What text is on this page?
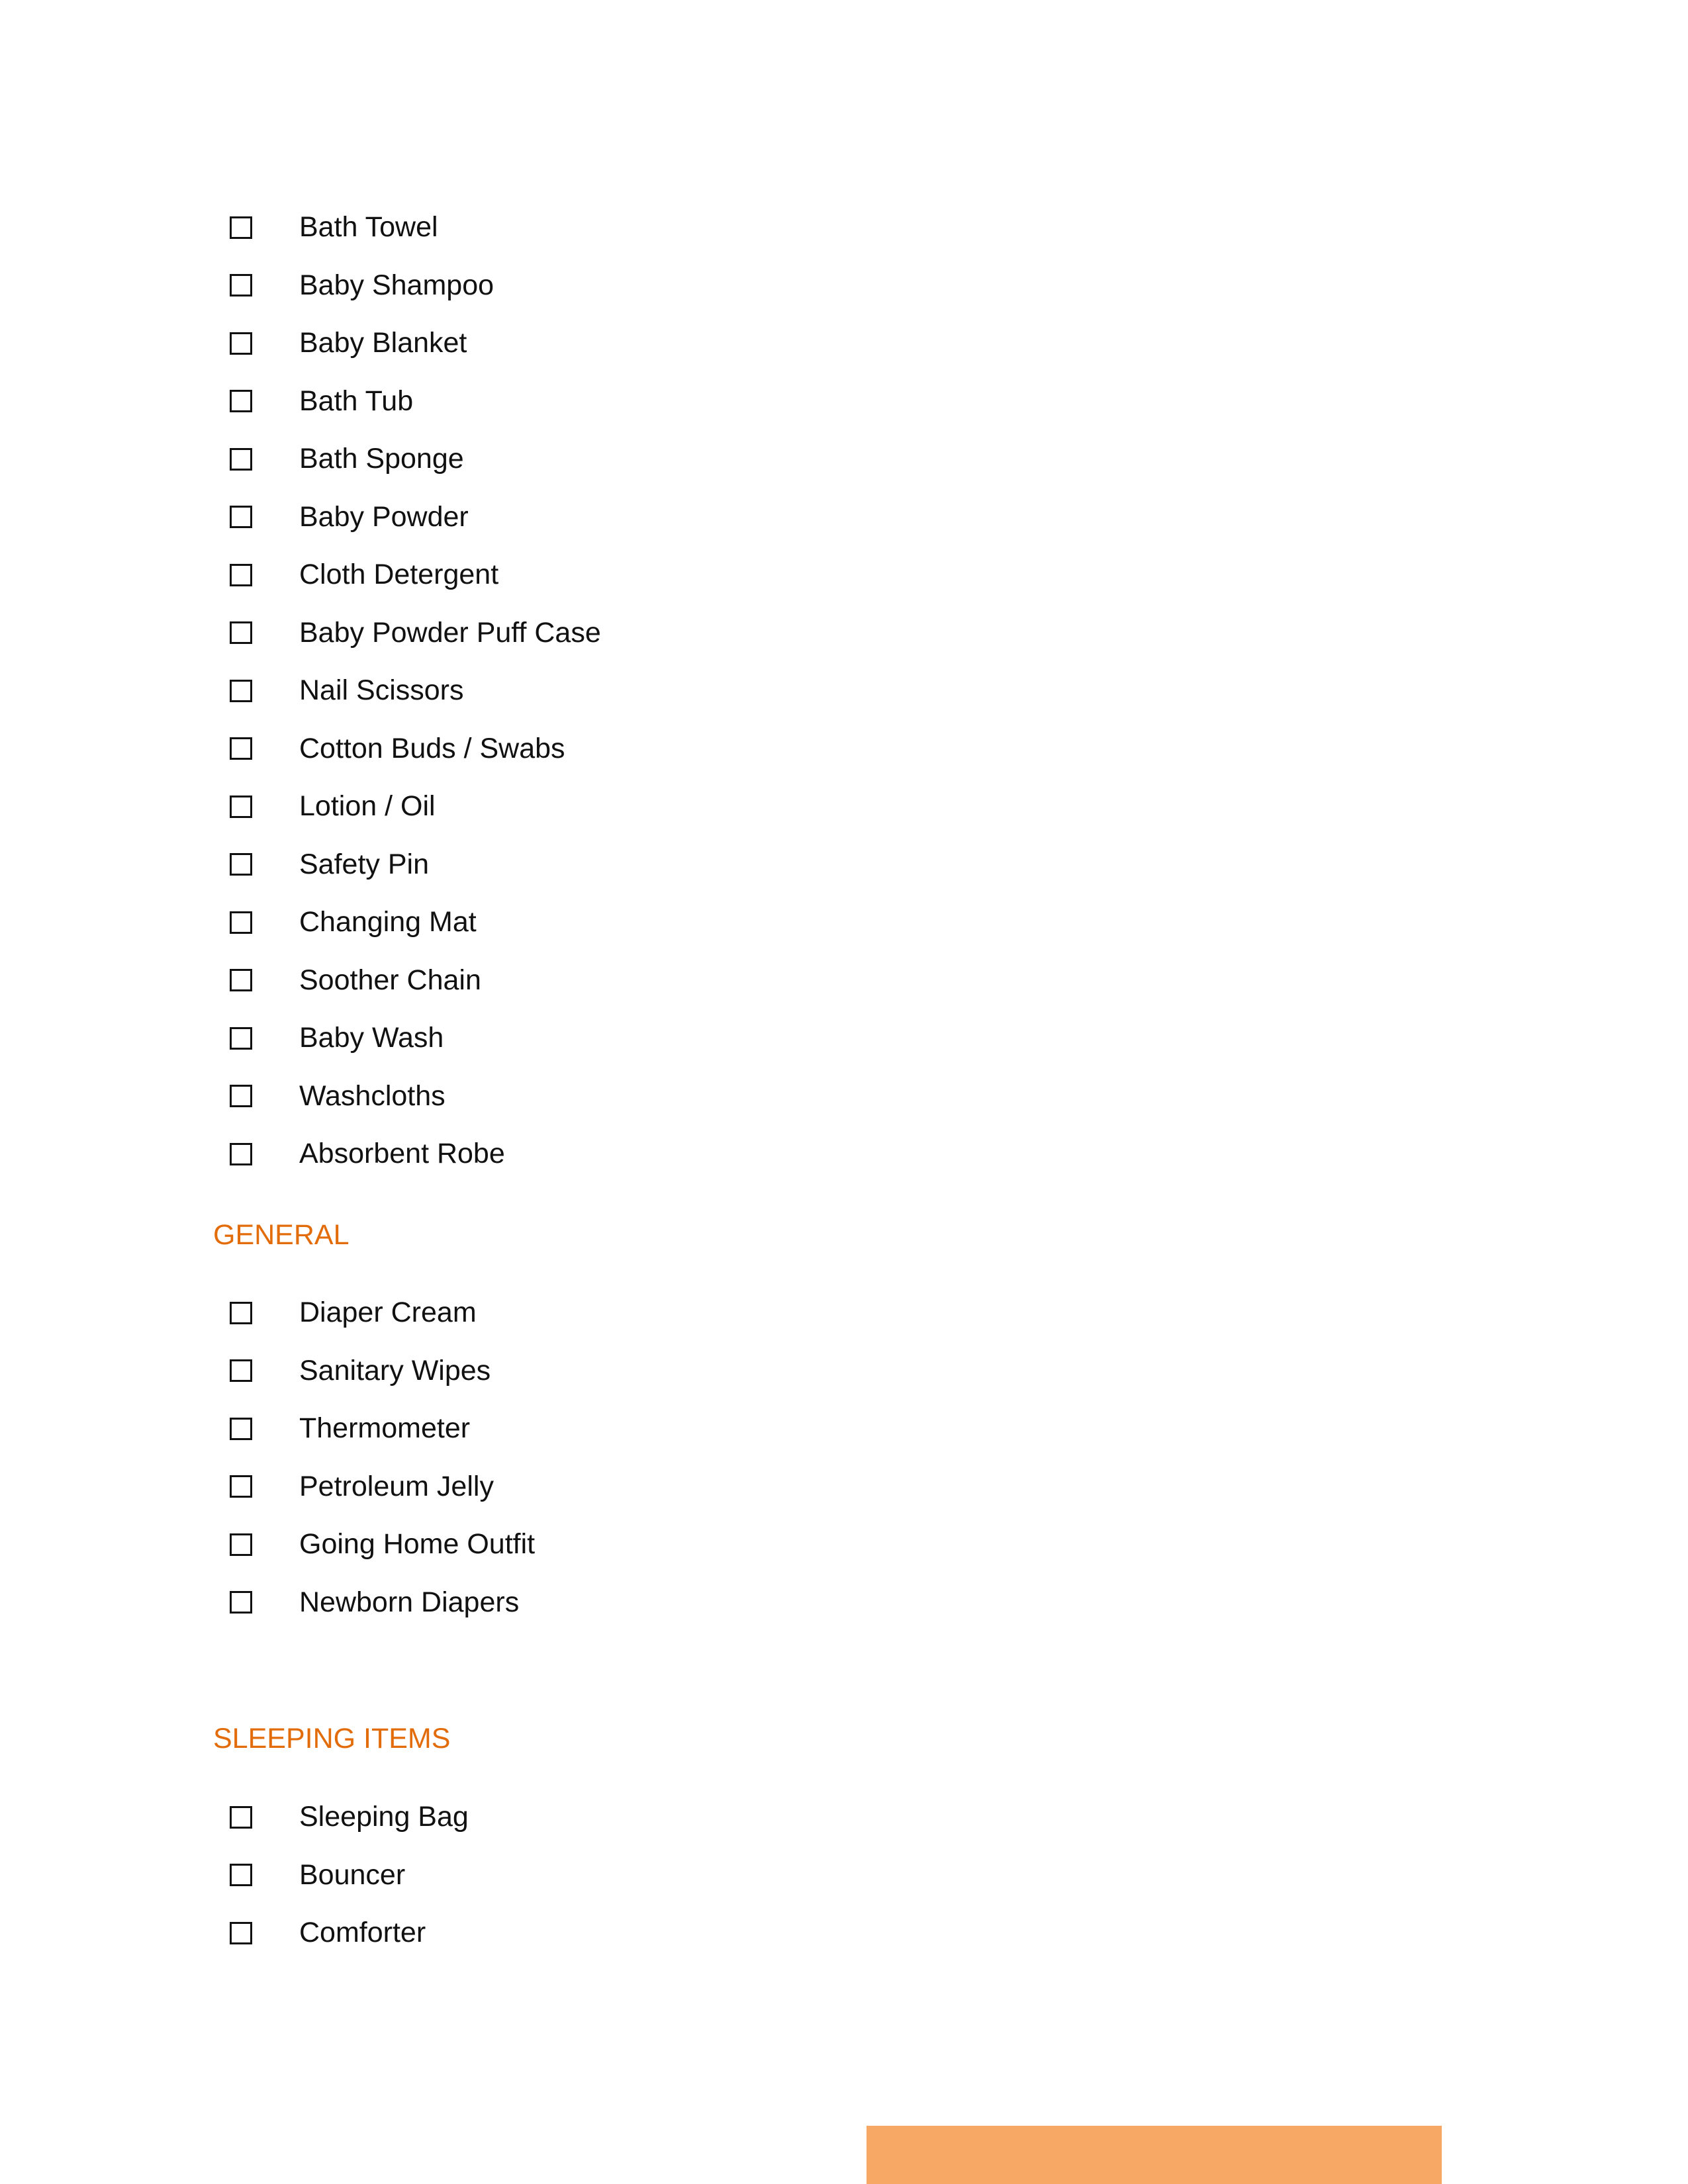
Bath Towel
Baby Shampoo
Baby Blanket
Bath Tub
Bath Sponge
Baby Powder
Cloth Detergent
Baby Powder Puff Case
Nail Scissors
Cotton Buds / Swabs
Lotion / Oil
Safety Pin
Changing Mat
Soother Chain
Baby Wash
Washcloths
Absorbent Robe
GENERAL
Diaper Cream
Sanitary Wipes
Thermometer
Petroleum Jelly
Going Home Outfit
Newborn Diapers
SLEEPING ITEMS
Sleeping Bag
Bouncer
Comforter
